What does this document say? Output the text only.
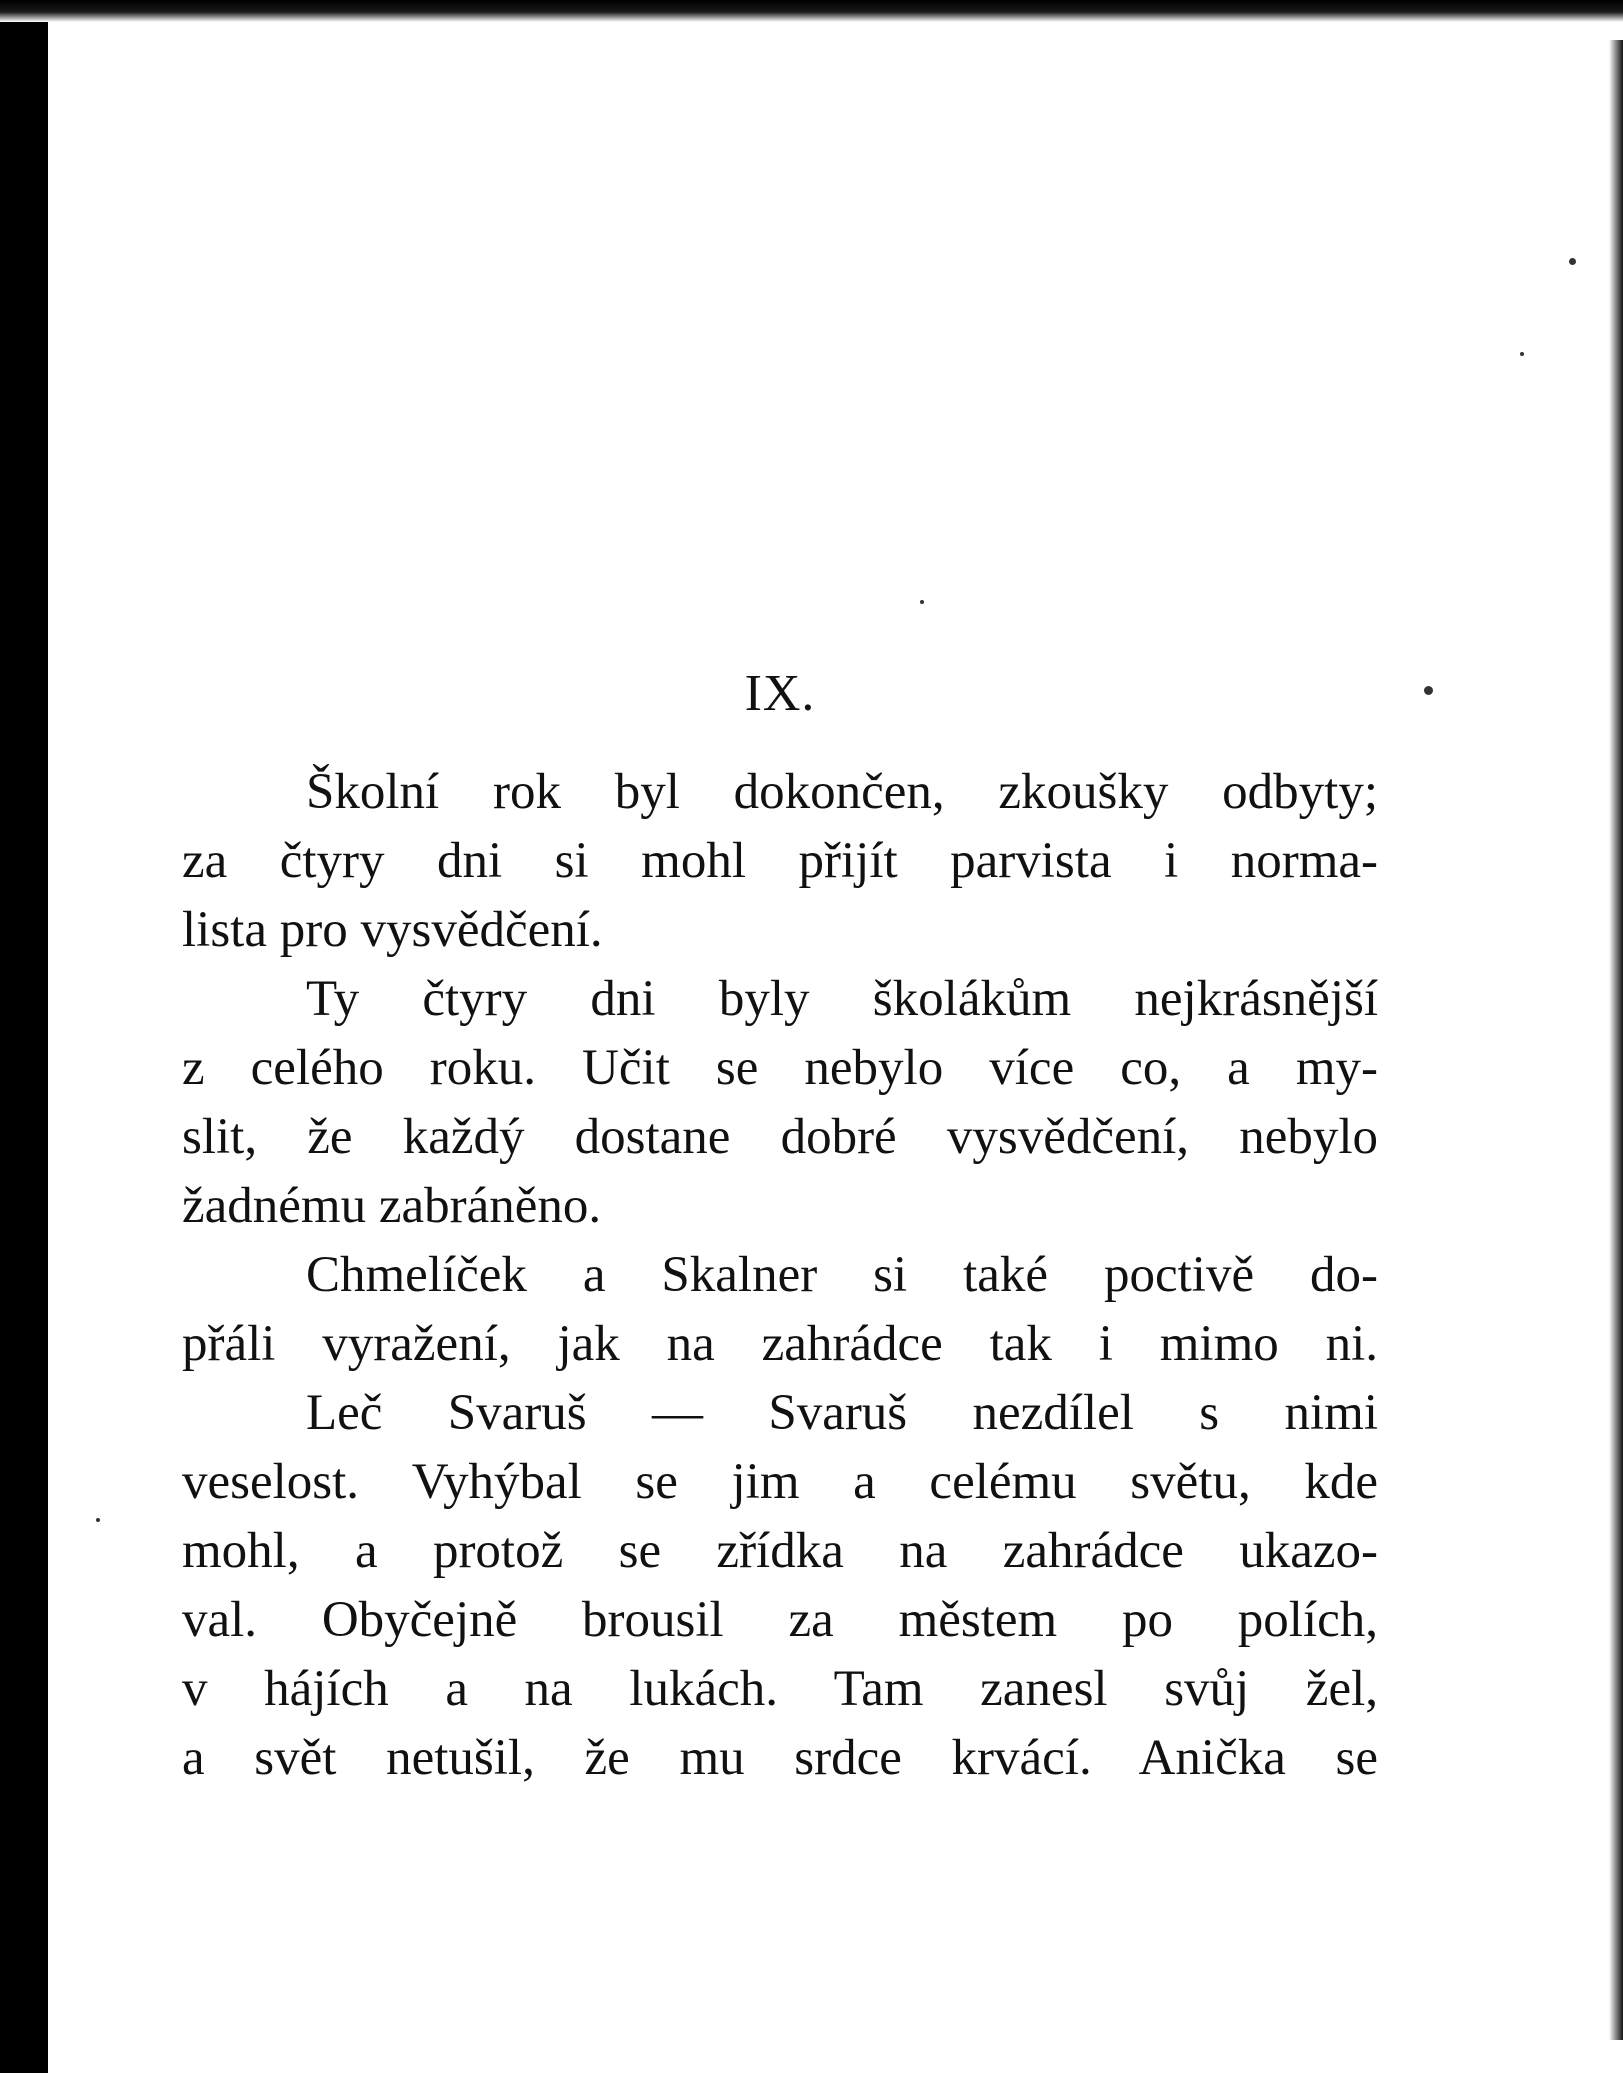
IX.
Školní rok byl dokončen, zkoušky odbyty;
za čtyry dni si mohl přijít parvista i norma-
lista pro vysvědčení.
Ty čtyry dni byly školákům nejkrásnější
z celého roku. Učit se nebylo více co, a my-
slit, že každý dostane dobré vysvědčení, nebylo
žadnému zabráněno.
Chmelíček a Skalner si také poctivě do-
přáli vyražení, jak na zahrádce tak i mimo ni.
Leč Svaruš — Svaruš nezdílel s nimi
veselost. Vyhýbal se jim a celému světu, kde
mohl, a protož se zřídka na zahrádce ukazo-
val. Obyčejně brousil za městem po polích,
v hájích a na lukách. Tam zanesl svůj žel,
a svět netušil, že mu srdce krvácí. Anička se
